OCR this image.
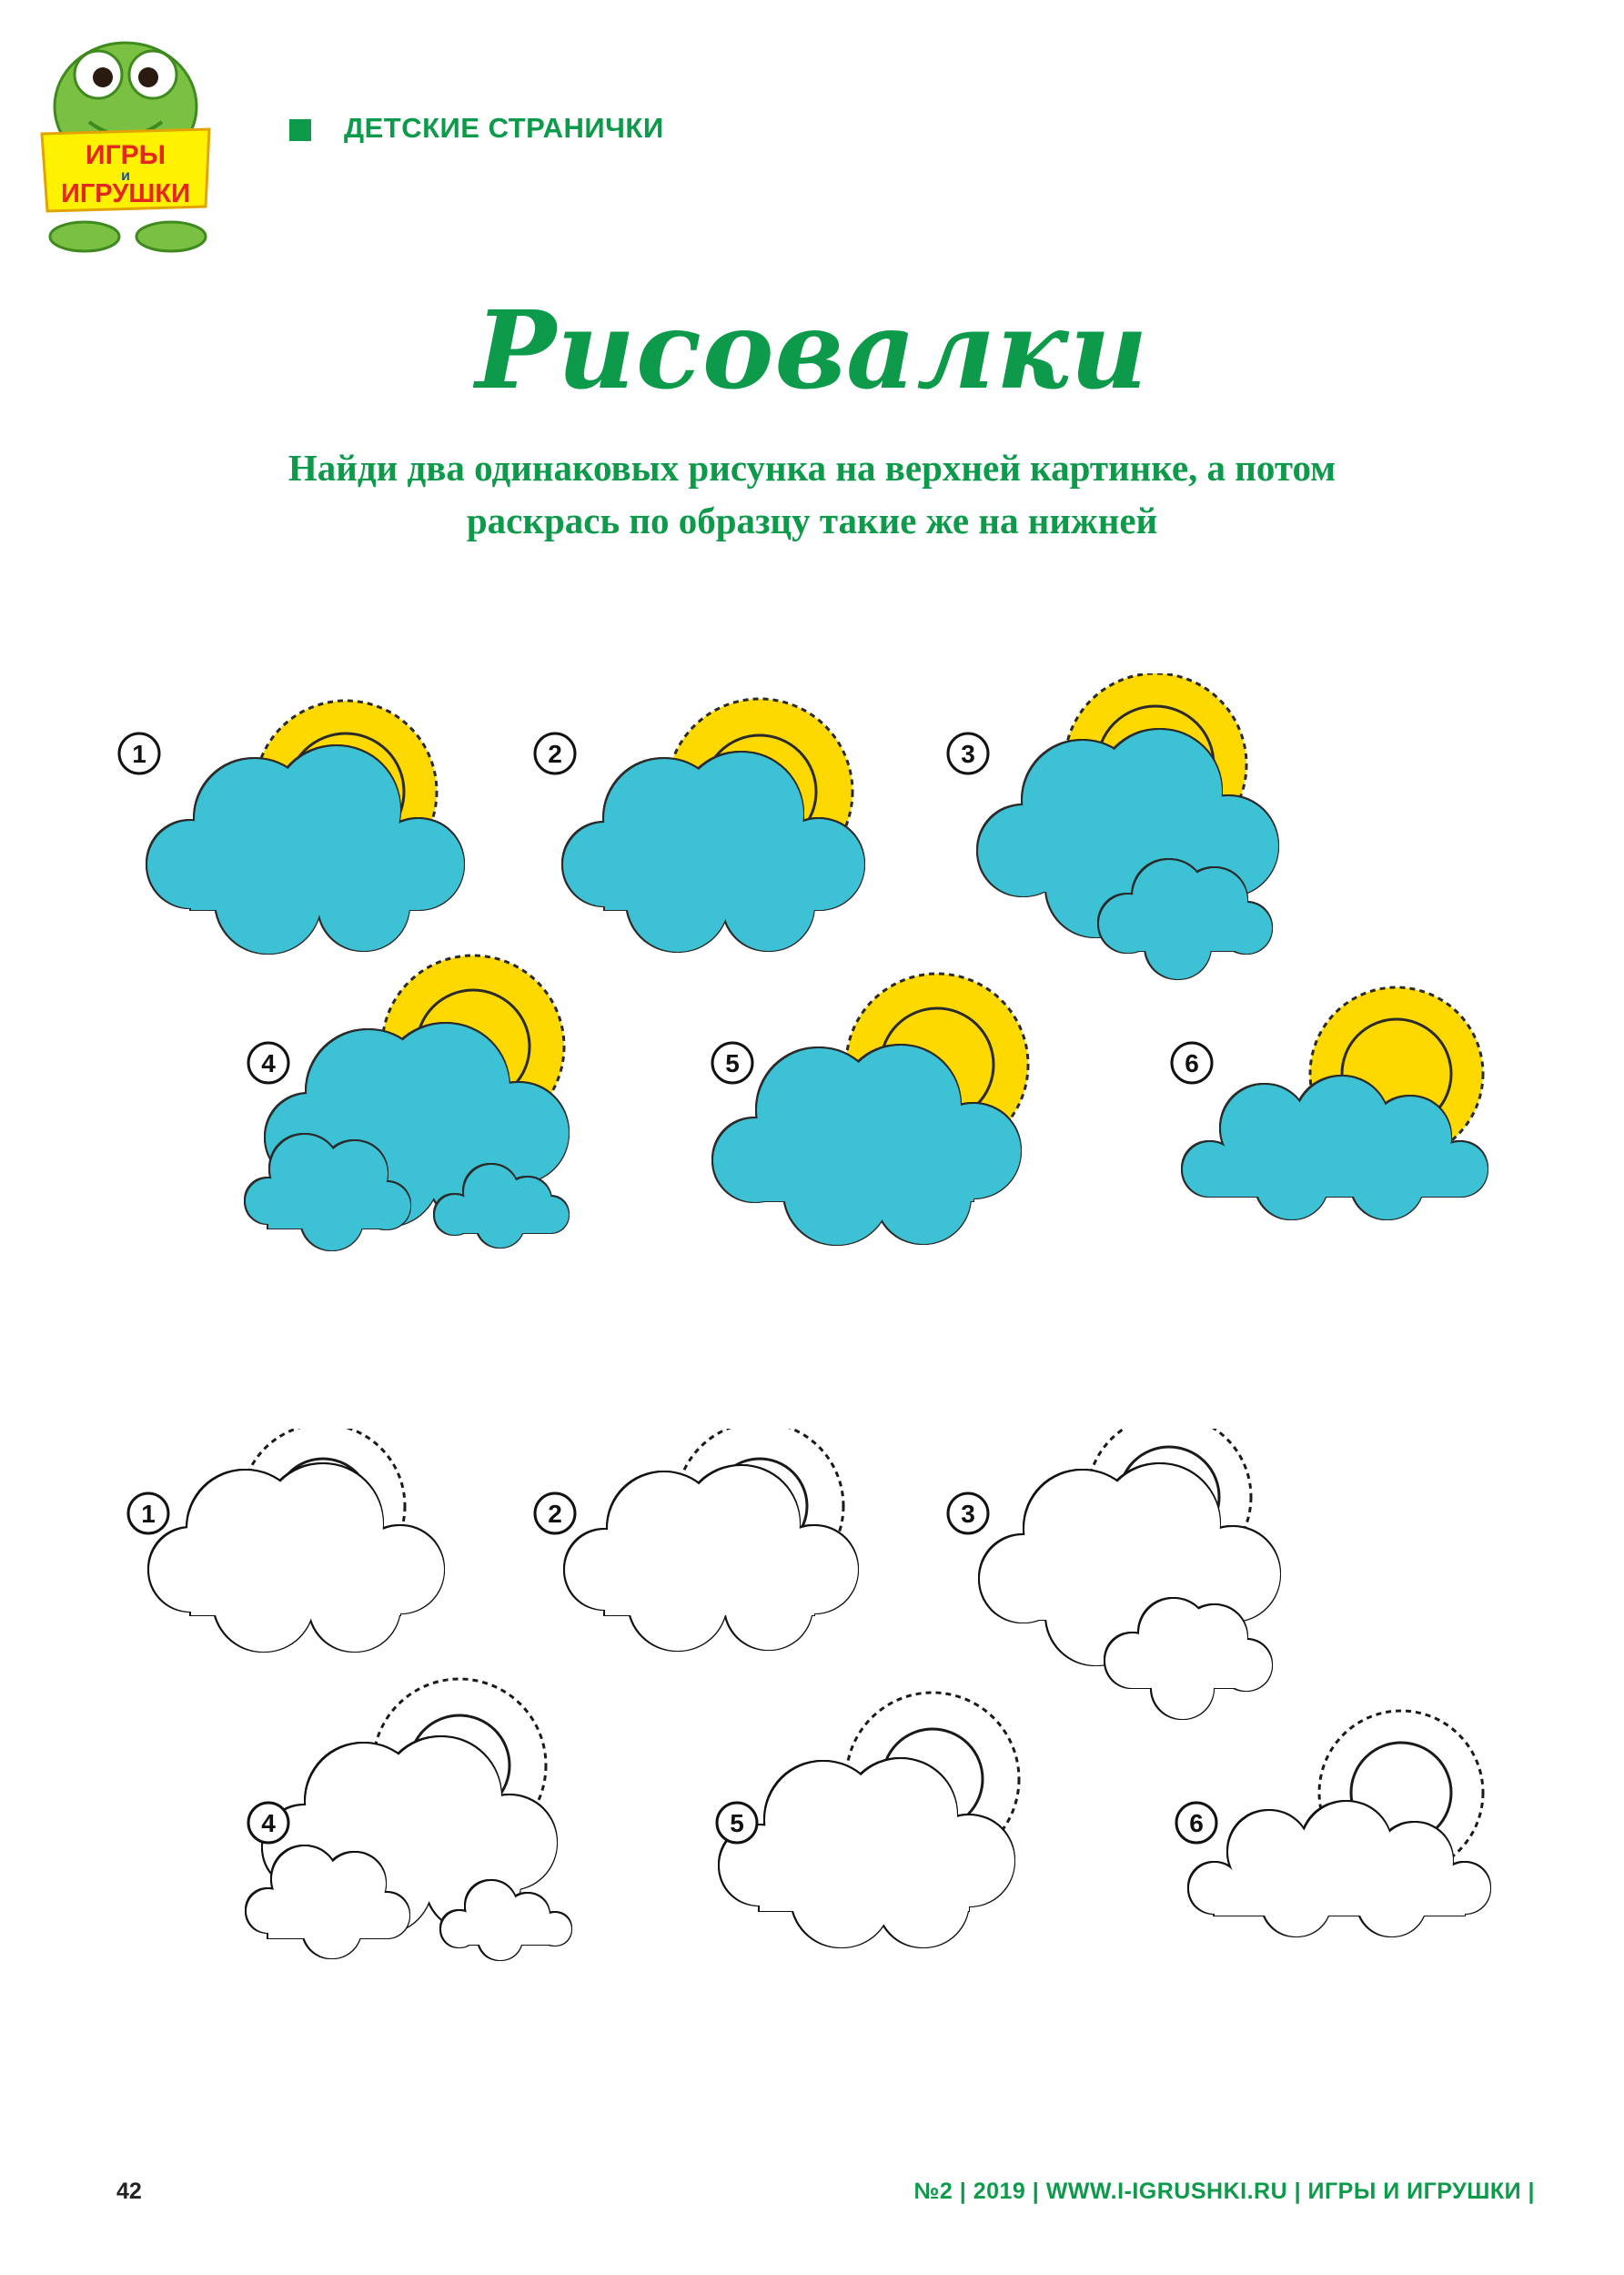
ИГРЫ
и
ИГРУШКИ
ДЕТСКИЕ СТРАНИЧКИ
Рисовалки
Найди два одинаковых рисунка на верхней картинке, а потом
раскрась по образцу такие же на нижней
1	2	3
4	5	6
1	2	3
4	5	6
42	№2 | 2019 | WWW.I-IGRUSHKI.RU | ИГРЫ И ИГРУШКИ |
